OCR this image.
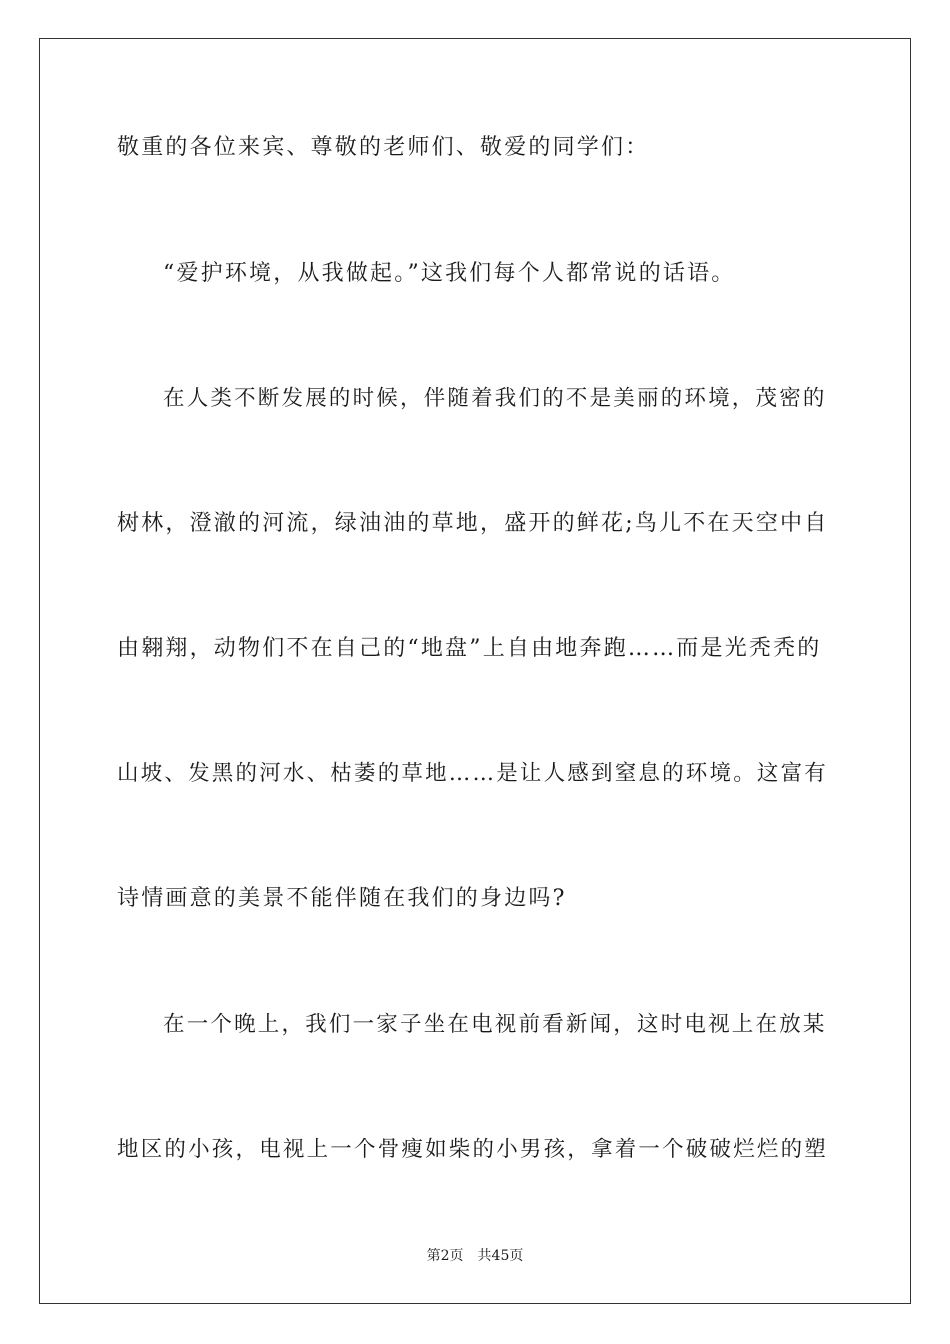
敬重的各位来宾、尊敬的老师们、敬爱的同学们：
“爱护环境，从我做起。”这我们每个人都常说的话语。
在人类不断发展的时候，伴随着我们的不是美丽的环境，茂密的
树林，澄澈的河流，绿油油的草地，盛开的鲜花;鸟儿不在天空中自
由翱翔，动物们不在自己的“地盘”上自由地奔跑……而是光秃秃的
山坡、发黑的河水、枯萎的草地……是让人感到窒息的环境。这富有
诗情画意的美景不能伴随在我们的身边吗?
在一个晚上，我们一家子坐在电视前看新闻，这时电视上在放某
地区的小孩，电视上一个骨瘦如柴的小男孩，拿着一个破破烂烂的塑
第2页 共45页
